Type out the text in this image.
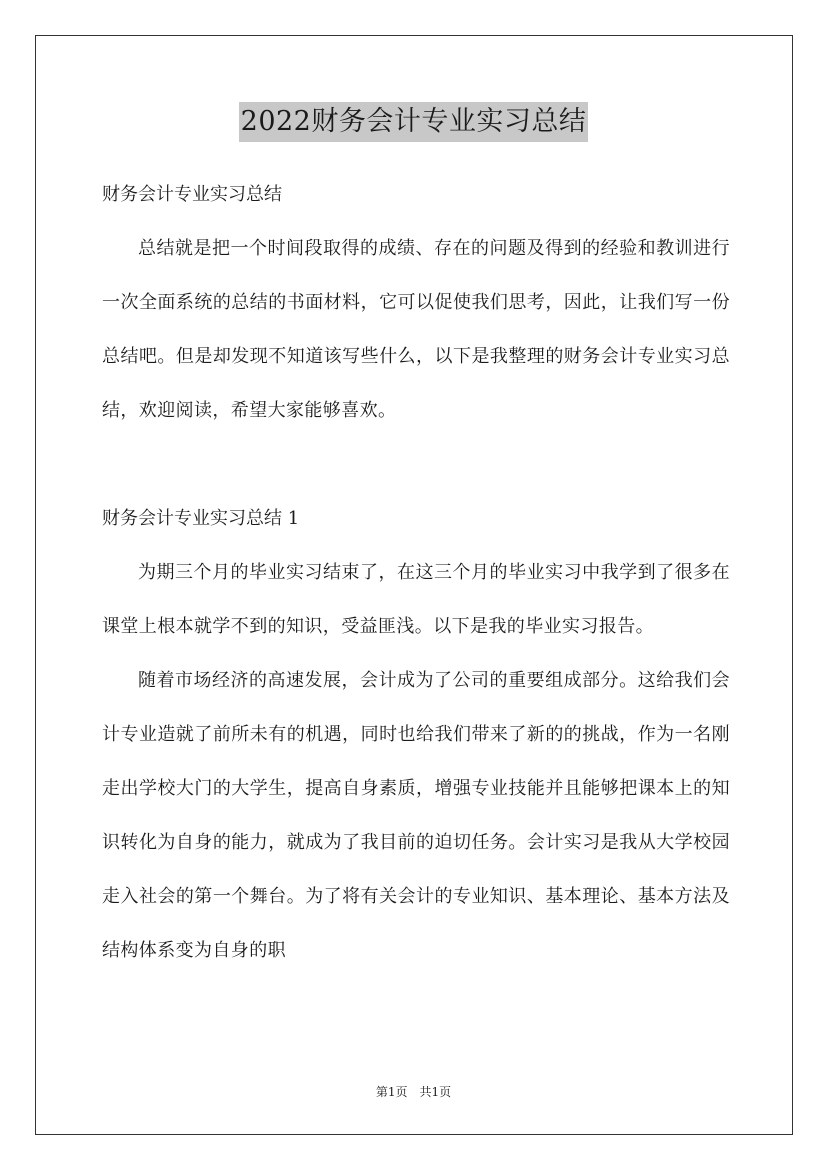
2022财务会计专业实习总结
财务会计专业实习总结
总结就是把一个时间段取得的成绩、存在的问题及得到的经验和教训进行一次全面系统的总结的书面材料，它可以促使我们思考，因此，让我们写一份总结吧。但是却发现不知道该写些什么，以下是我整理的财务会计专业实习总结，欢迎阅读，希望大家能够喜欢。
财务会计专业实习总结 1
为期三个月的毕业实习结束了，在这三个月的毕业实习中我学到了很多在课堂上根本就学不到的知识，受益匪浅。以下是我的毕业实习报告。
随着市场经济的高速发展，会计成为了公司的重要组成部分。这给我们会计专业造就了前所未有的机遇，同时也给我们带来了新的的挑战，作为一名刚走出学校大门的大学生，提高自身素质，增强专业技能并且能够把课本上的知识转化为自身的能力，就成为了我目前的迫切任务。会计实习是我从大学校园走入社会的第一个舞台。为了将有关会计的专业知识、基本理论、基本方法及结构体系变为自身的职
第1页　共1页
